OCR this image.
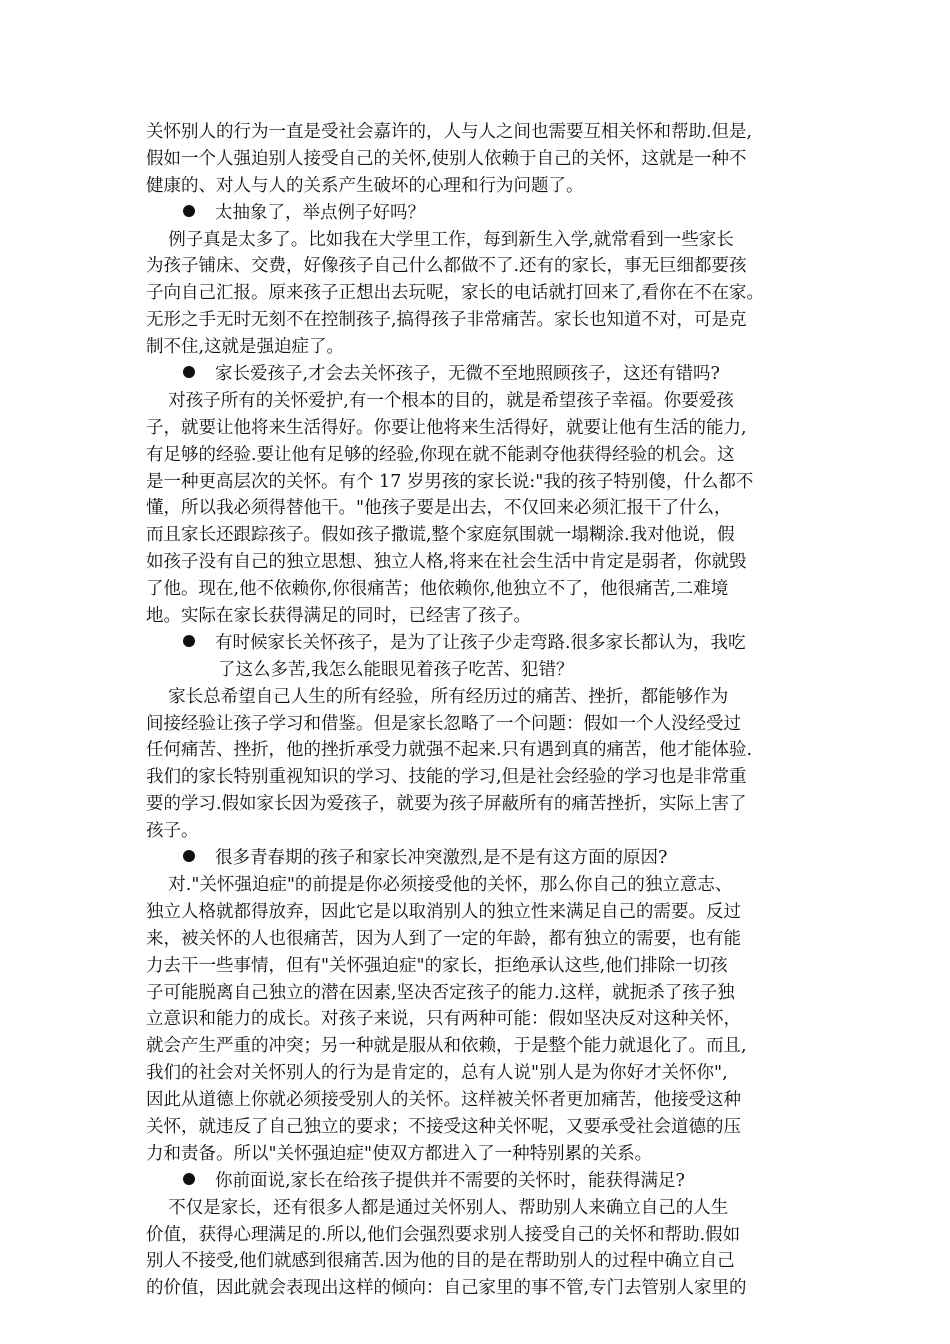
关怀别人的行为一直是受社会嘉许的，人与人之间也需要互相关怀和帮助.但是,
假如一个人强迫别人接受自己的关怀,使别人依赖于自己的关怀，这就是一种不
健康的、对人与人的关系产生破坏的心理和行为问题了。
太抽象了，举点例子好吗？
例子真是太多了。比如我在大学里工作，每到新生入学,就常看到一些家长
为孩子铺床、交费，好像孩子自己什么都做不了.还有的家长，事无巨细都要孩
子向自己汇报。原来孩子正想出去玩呢，家长的电话就打回来了,看你在不在家。
无形之手无时无刻不在控制孩子,搞得孩子非常痛苦。家长也知道不对，可是克
制不住,这就是强迫症了。
家长爱孩子,才会去关怀孩子，无微不至地照顾孩子，这还有错吗?
对孩子所有的关怀爱护,有一个根本的目的，就是希望孩子幸福。你要爱孩
子，就要让他将来生活得好。你要让他将来生活得好，就要让他有生活的能力,
有足够的经验.要让他有足够的经验,你现在就不能剥夺他获得经验的机会。这
是一种更高层次的关怀。有个 17 岁男孩的家长说:"我的孩子特别傻，什么都不
懂，所以我必须得替他干。"他孩子要是出去，不仅回来必须汇报干了什么，
而且家长还跟踪孩子。假如孩子撒谎,整个家庭氛围就一塌糊涂.我对他说，假
如孩子没有自己的独立思想、独立人格,将来在社会生活中肯定是弱者，你就毁
了他。现在,他不依赖你,你很痛苦；他依赖你,他独立不了，他很痛苦,二难境
地。实际在家长获得满足的同时，已经害了孩子。
有时候家长关怀孩子，是为了让孩子少走弯路.很多家长都认为，我吃
了这么多苦,我怎么能眼见着孩子吃苦、犯错？
家长总希望自己人生的所有经验，所有经历过的痛苦、挫折，都能够作为
间接经验让孩子学习和借鉴。但是家长忽略了一个问题：假如一个人没经受过
任何痛苦、挫折，他的挫折承受力就强不起来.只有遇到真的痛苦，他才能体验.
我们的家长特别重视知识的学习、技能的学习,但是社会经验的学习也是非常重
要的学习.假如家长因为爱孩子，就要为孩子屏蔽所有的痛苦挫折，实际上害了
孩子。
很多青春期的孩子和家长冲突激烈,是不是有这方面的原因?
对."关怀强迫症"的前提是你必须接受他的关怀，那么你自己的独立意志、
独立人格就都得放弃，因此它是以取消别人的独立性来满足自己的需要。反过
来，被关怀的人也很痛苦，因为人到了一定的年龄，都有独立的需要，也有能
力去干一些事情，但有"关怀强迫症"的家长，拒绝承认这些,他们排除一切孩
子可能脱离自己独立的潜在因素,坚决否定孩子的能力.这样，就扼杀了孩子独
立意识和能力的成长。对孩子来说，只有两种可能：假如坚决反对这种关怀，
就会产生严重的冲突；另一种就是服从和依赖，于是整个能力就退化了。而且,
我们的社会对关怀别人的行为是肯定的，总有人说"别人是为你好才关怀你",
因此从道德上你就必须接受别人的关怀。这样被关怀者更加痛苦，他接受这种
关怀，就违反了自己独立的要求；不接受这种关怀呢，又要承受社会道德的压
力和责备。所以"关怀强迫症"使双方都进入了一种特别累的关系。
你前面说,家长在给孩子提供并不需要的关怀时，能获得满足?
不仅是家长，还有很多人都是通过关怀别人、帮助别人来确立自己的人生
价值，获得心理满足的.所以,他们会强烈要求别人接受自己的关怀和帮助.假如
别人不接受,他们就感到很痛苦.因为他的目的是在帮助别人的过程中确立自己
的价值，因此就会表现出这样的倾向：自己家里的事不管,专门去管别人家里的
